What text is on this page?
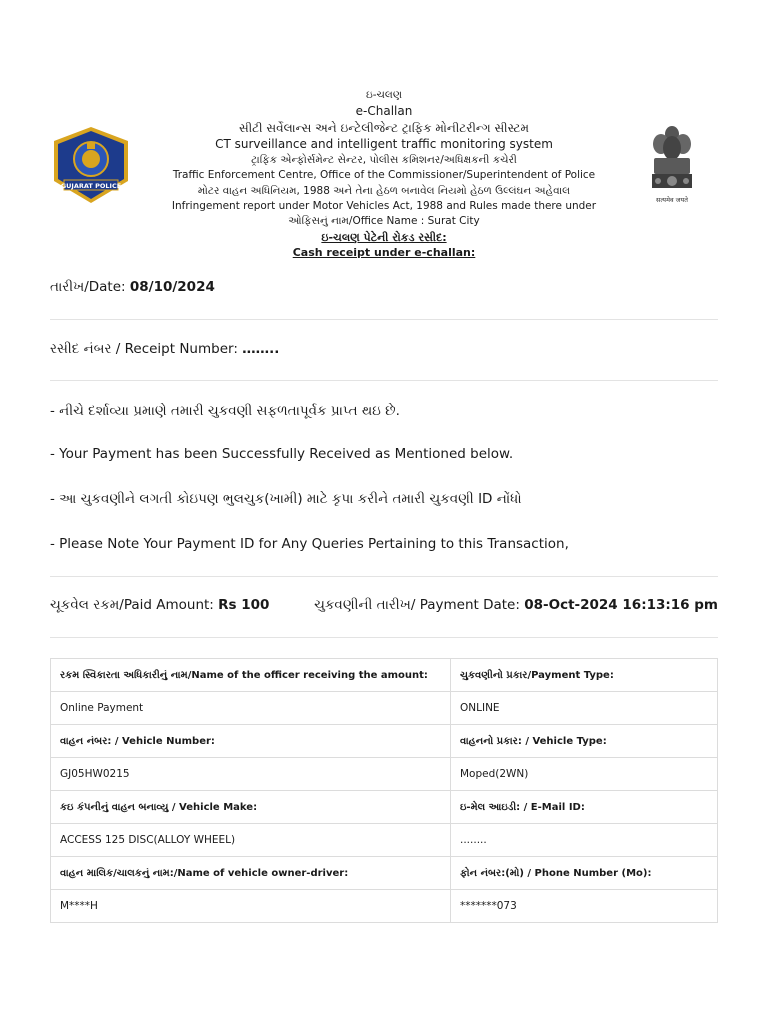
ઇ-ચલણ
e-Challan
સીટી સર્વેલાન્સ અને ઇન્ટેલીજેન્ટ ટ્રાફિક મોનીટરીન્ગ સીસ્ટમ
CT surveillance and intelligent traffic monitoring system
ટ્રાફિક એન્ફોર્સમેન્ટ સેન્ટર, પોલીસ કમિશનર/અધિક્ષકની કચેરી
Traffic Enforcement Centre, Office of the Commissioner/Superintendent of Police
મોટર વાહન અધિનિયમ, 1988 અને તેના હેઠળ બનાવેલ નિયમો હેઠળ ઉલ્લંઘન અહેવાલ
Infringement report under Motor Vehicles Act, 1988 and Rules made there under
ઓફિસનું નામ/Office Name : Surat City
ઇ-ચલણ પેટેની રોકડ રસીદ:
Cash receipt under e-challan:
GUJARAT POLICE
सत्यमेव जयते
તારીખ/Date: 08/10/2024
રસીદ નંબર / Receipt Number: ……..
- નીચે દર્શાવ્યા પ્રમાણે તમારી ચુકવણી સફળતાપૂર્વક પ્રાપ્ત થઇ છે.
- Your Payment has been Successfully Received as Mentioned below.
- આ ચુકવણીને લગતી કોઇપણ ભુલચુક(ખામી) માટે કૃપા કરીને તમારી ચુકવણી ID નોંધો
- Please Note Your Payment ID for Any Queries Pertaining to this Transaction,
ચૂકવેલ રકમ/Paid Amount: Rs 100	ચુકવણીની તારીખ/ Payment Date: 08-Oct-2024 16:13:16 pm
રકમ સ્વિકારતા અધિકારીનું નામ/Name of the officer receiving the amount:	ચુકવણીનો પ્રકાર/Payment Type:
Online Payment	ONLINE
વાહન નંબર: / Vehicle Number:	વાહનનો પ્રકાર: / Vehicle Type:
GJ05HW0215	Moped(2WN)
કઇ કંપનીનું વાહન બનાવ્યુ / Vehicle Make:	ઇ-મેલ આઇડી: / E-Mail ID:
ACCESS 125 DISC(ALLOY WHEEL)	........
વાહન માલિક/ચાલકનું નામ:/Name of vehicle owner-driver:	ફોન નંબર:(મો) / Phone Number (Mo):
M****H	*******073
